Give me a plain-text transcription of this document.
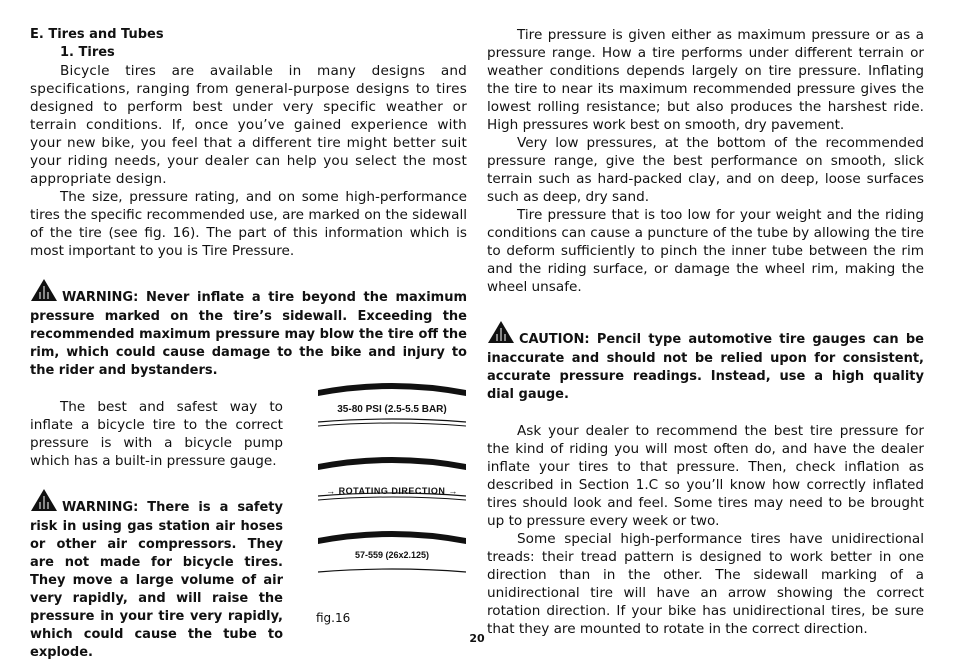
E. Tires and Tubes
1. Tires

Bicycle tires are available in many designs and specifications, ranging from general-purpose designs to tires designed to perform best under very specific weather or terrain conditions. If, once you’ve gained experience with your new bike, you feel that a different tire might better suit your riding needs, your dealer can help you select the most appropriate design.

The size, pressure rating, and on some high-performance tires the specific recommended use, are marked on the sidewall of the tire (see fig. 16). The part of this information which is most important to you is Tire Pressure.

WARNING: Never inflate a tire beyond the maximum pressure marked on the tire’s sidewall. Exceeding the recommended maximum pressure may blow the tire off the rim, which could cause damage to the bike and injury to the rider and bystanders.

The best and safest way to inflate a bicycle tire to the correct pressure is with a bicycle pump which has a built-in pressure gauge.

WARNING: There is a safety risk in using gas station air hoses or other air compressors. They are not made for bicycle tires. They move a large volume of air very rapidly, and will raise the pressure in your tire very rapidly, which could cause the tube to explode.
35-80 PSI (2.5-5.5 BAR)
→ ROTATING DIRECTION →
57-559 (26x2.125)
fig.16

Tire pressure is given either as maximum pressure or as a pressure range. How a tire performs under different terrain or weather conditions depends largely on tire pressure. Inflating the tire to near its maximum recommended pressure gives the lowest rolling resistance; but also produces the harshest ride. High pressures work best on smooth, dry pavement.

Very low pressures, at the bottom of the recommended pressure range, give the best performance on smooth, slick terrain such as hard-packed clay, and on deep, loose surfaces such as deep, dry sand.

Tire pressure that is too low for your weight and the riding conditions can cause a puncture of the tube by allowing the tire to deform sufficiently to pinch the inner tube between the rim and the riding surface, or damage the wheel rim, making the wheel unsafe.

CAUTION: Pencil type automotive tire gauges can be inaccurate and should not be relied upon for consistent, accurate pressure readings. Instead, use a high quality dial gauge.

Ask your dealer to recommend the best tire pressure for the kind of riding you will most often do, and have the dealer inflate your tires to that pressure. Then, check inflation as described in Section 1.C so you’ll know how correctly inflated tires should look and feel. Some tires may need to be brought up to pressure every week or two.

Some special high-performance tires have unidirectional treads: their tread pattern is designed to work better in one direction than in the other. The sidewall marking of a unidirectional tire will have an arrow showing the correct rotation direction. If your bike has unidirectional tires, be sure that they are mounted to rotate in the correct direction.

20
